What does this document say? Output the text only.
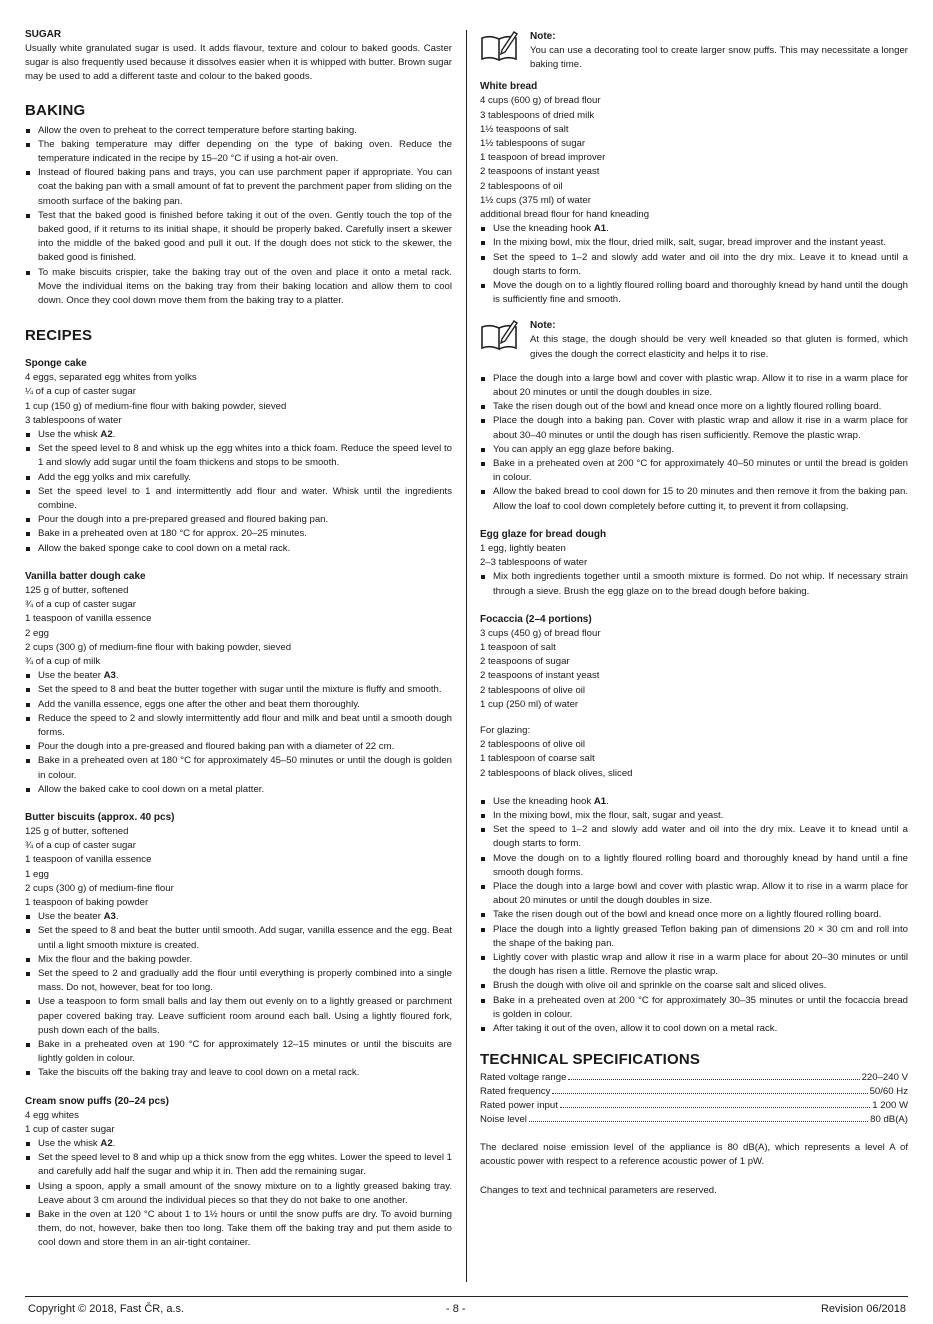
SUGAR

Usually white granulated sugar is used. It adds flavour, texture and colour to baked goods. Caster sugar is also frequently used because it dissolves easier when it is whipped with butter. Brown sugar may be used to add a different taste and colour to the baked goods.

BAKING

Allow the oven to preheat to the correct temperature before starting baking.
The baking temperature may differ depending on the type of baking oven. Reduce the temperature indicated in the recipe by 15–20 °C if using a hot-air oven.
Instead of floured baking pans and trays, you can use parchment paper if appropriate. You can coat the baking pan with a small amount of fat to prevent the parchment paper from sliding on the smooth surface of the baking pan.
Test that the baked good is finished before taking it out of the oven. Gently touch the top of the baked good, if it returns to its initial shape, it should be properly baked. Carefully insert a skewer into the middle of the baked good and pull it out. If the dough does not stick to the skewer, the baked good is finished.
To make biscuits crispier, take the baking tray out of the oven and place it onto a metal rack. Move the individual items on the baking tray from their baking location and allow them to cool down. Once they cool down move them from the baking tray to a platter.

RECIPES

Sponge cake

4 eggs, separated egg whites from yolks

¼ of a cup of caster sugar

1 cup (150 g) of medium-fine flour with baking powder, sieved

3 tablespoons of water

Use the whisk A2.
Set the speed level to 8 and whisk up the egg whites into a thick foam. Reduce the speed level to 1 and slowly add sugar until the foam thickens and stops to be smooth.
Add the egg yolks and mix carefully.
Set the speed level to 1 and intermittently add flour and water. Whisk until the ingredients combine.
Pour the dough into a pre-prepared greased and floured baking pan.
Bake in a preheated oven at 180 °C for approx. 20–25 minutes.
Allow the baked sponge cake to cool down on a metal rack.

Vanilla batter dough cake

125 g of butter, softened

¾ of a cup of caster sugar

1 teaspoon of vanilla essence

2 egg

2 cups (300 g) of medium-fine flour with baking powder, sieved

¾ of a cup of milk

Use the beater A3.
Set the speed to 8 and beat the butter together with sugar until the mixture is fluffy and smooth.
Add the vanilla essence, eggs one after the other and beat them thoroughly.
Reduce the speed to 2 and slowly intermittently add flour and milk and beat until a smooth dough forms.
Pour the dough into a pre-greased and floured baking pan with a diameter of 22 cm.
Bake in a preheated oven at 180 °C for approximately 45–50 minutes or until the dough is golden in colour.
Allow the baked cake to cool down on a metal platter.

Butter biscuits (approx. 40 pcs)

125 g of butter, softened

¾ of a cup of caster sugar

1 teaspoon of vanilla essence

1 egg

2 cups (300 g) of medium-fine flour

1 teaspoon of baking powder

Use the beater A3.
Set the speed to 8 and beat the butter until smooth. Add sugar, vanilla essence and the egg. Beat until a light smooth mixture is created.
Mix the flour and the baking powder.
Set the speed to 2 and gradually add the flour until everything is properly combined into a single mass. Do not, however, beat for too long.
Use a teaspoon to form small balls and lay them out evenly on to a lightly greased or parchment paper covered baking tray. Leave sufficient room around each ball. Using a lightly floured fork, push down each of the balls.
Bake in a preheated oven at 190 °C for approximately 12–15 minutes or until the biscuits are lightly golden in colour.
Take the biscuits off the baking tray and leave to cool down on a metal rack.

Cream snow puffs (20–24 pcs)

4 egg whites

1 cup of caster sugar

Use the whisk A2.
Set the speed level to 8 and whip up a thick snow from the egg whites. Lower the speed to level 1 and carefully add half the sugar and whip it in. Then add the remaining sugar.
Using a spoon, apply a small amount of the snowy mixture on to a lightly greased baking tray. Leave about 3 cm around the individual pieces so that they do not bake to one another.
Bake in the oven at 120 °C about 1 to 1½ hours or until the snow puffs are dry. To avoid burning them, do not, however, bake then too long. Take them off the baking tray and put them aside to cool down and store them in an air-tight container.

Note:

You can use a decorating tool to create larger snow puffs. This may necessitate a longer baking time.

White bread

4 cups (600 g) of bread flour

3 tablespoons of dried milk

1½ teaspoons of salt

1½ tablespoons of sugar

1 teaspoon of bread improver

2 teaspoons of instant yeast

2 tablespoons of oil

1½ cups (375 ml) of water

additional bread flour for hand kneading

Use the kneading hook A1.
In the mixing bowl, mix the flour, dried milk, salt, sugar, bread improver and the instant yeast.
Set the speed to 1–2 and slowly add water and oil into the dry mix. Leave it to knead until a dough starts to form.
Move the dough on to a lightly floured rolling board and thoroughly knead by hand until the dough is sufficiently fine and smooth.

Note:

At this stage, the dough should be very well kneaded so that gluten is formed, which gives the dough the correct elasticity and helps it to rise.

Place the dough into a large bowl and cover with plastic wrap. Allow it to rise in a warm place for about 20 minutes or until the dough doubles in size.
Take the risen dough out of the bowl and knead once more on a lightly floured rolling board.
Place the dough into a baking pan. Cover with plastic wrap and allow it rise in a warm place for about 30–40 minutes or until the dough has risen sufficiently. Remove the plastic wrap.
You can apply an egg glaze before baking.
Bake in a preheated oven at 200 °C for approximately 40–50 minutes or until the bread is golden in colour.
Allow the baked bread to cool down for 15 to 20 minutes and then remove it from the baking pan. Allow the loaf to cool down completely before cutting it, to prevent it from collapsing.

Egg glaze for bread dough

1 egg, lightly beaten

2–3 tablespoons of water

Mix both ingredients together until a smooth mixture is formed. Do not whip. If necessary strain through a sieve. Brush the egg glaze on to the bread dough before baking.

Focaccia (2–4 portions)

3 cups (450 g) of bread flour

1 teaspoon of salt

2 teaspoons of sugar

2 teaspoons of instant yeast

2 tablespoons of olive oil

1 cup (250 ml) of water

For glazing:

2 tablespoons of olive oil

1 tablespoon of coarse salt

2 tablespoons of black olives, sliced

Use the kneading hook A1.
In the mixing bowl, mix the flour, salt, sugar and yeast.
Set the speed to 1–2 and slowly add water and oil into the dry mix. Leave it to knead until a dough starts to form.
Move the dough on to a lightly floured rolling board and thoroughly knead by hand until a fine smooth dough forms.
Place the dough into a large bowl and cover with plastic wrap. Allow it to rise in a warm place for about 20 minutes or until the dough doubles in size.
Take the risen dough out of the bowl and knead once more on a lightly floured rolling board.
Place the dough into a lightly greased Teflon baking pan of dimensions 20 × 30 cm and roll into the shape of the baking pan.
Lightly cover with plastic wrap and allow it rise in a warm place for about 20–30 minutes or until the dough has risen a little. Remove the plastic wrap.
Brush the dough with olive oil and sprinkle on the coarse salt and sliced olives.
Bake in a preheated oven at 200 °C for approximately 30–35 minutes or until the focaccia bread is golden in colour.
After taking it out of the oven, allow it to cool down on a metal rack.

TECHNICAL SPECIFICATIONS

Rated voltage range	220–240 V
Rated frequency	50/60 Hz
Rated power input	1 200 W
Noise level	80 dB(A)

The declared noise emission level of the appliance is 80 dB(A), which represents a level A of acoustic power with respect to a reference acoustic power of 1 pW.

Changes to text and technical parameters are reserved.

Copyright © 2018, Fast ČR, a.s.	- 8 -	Revision 06/2018
